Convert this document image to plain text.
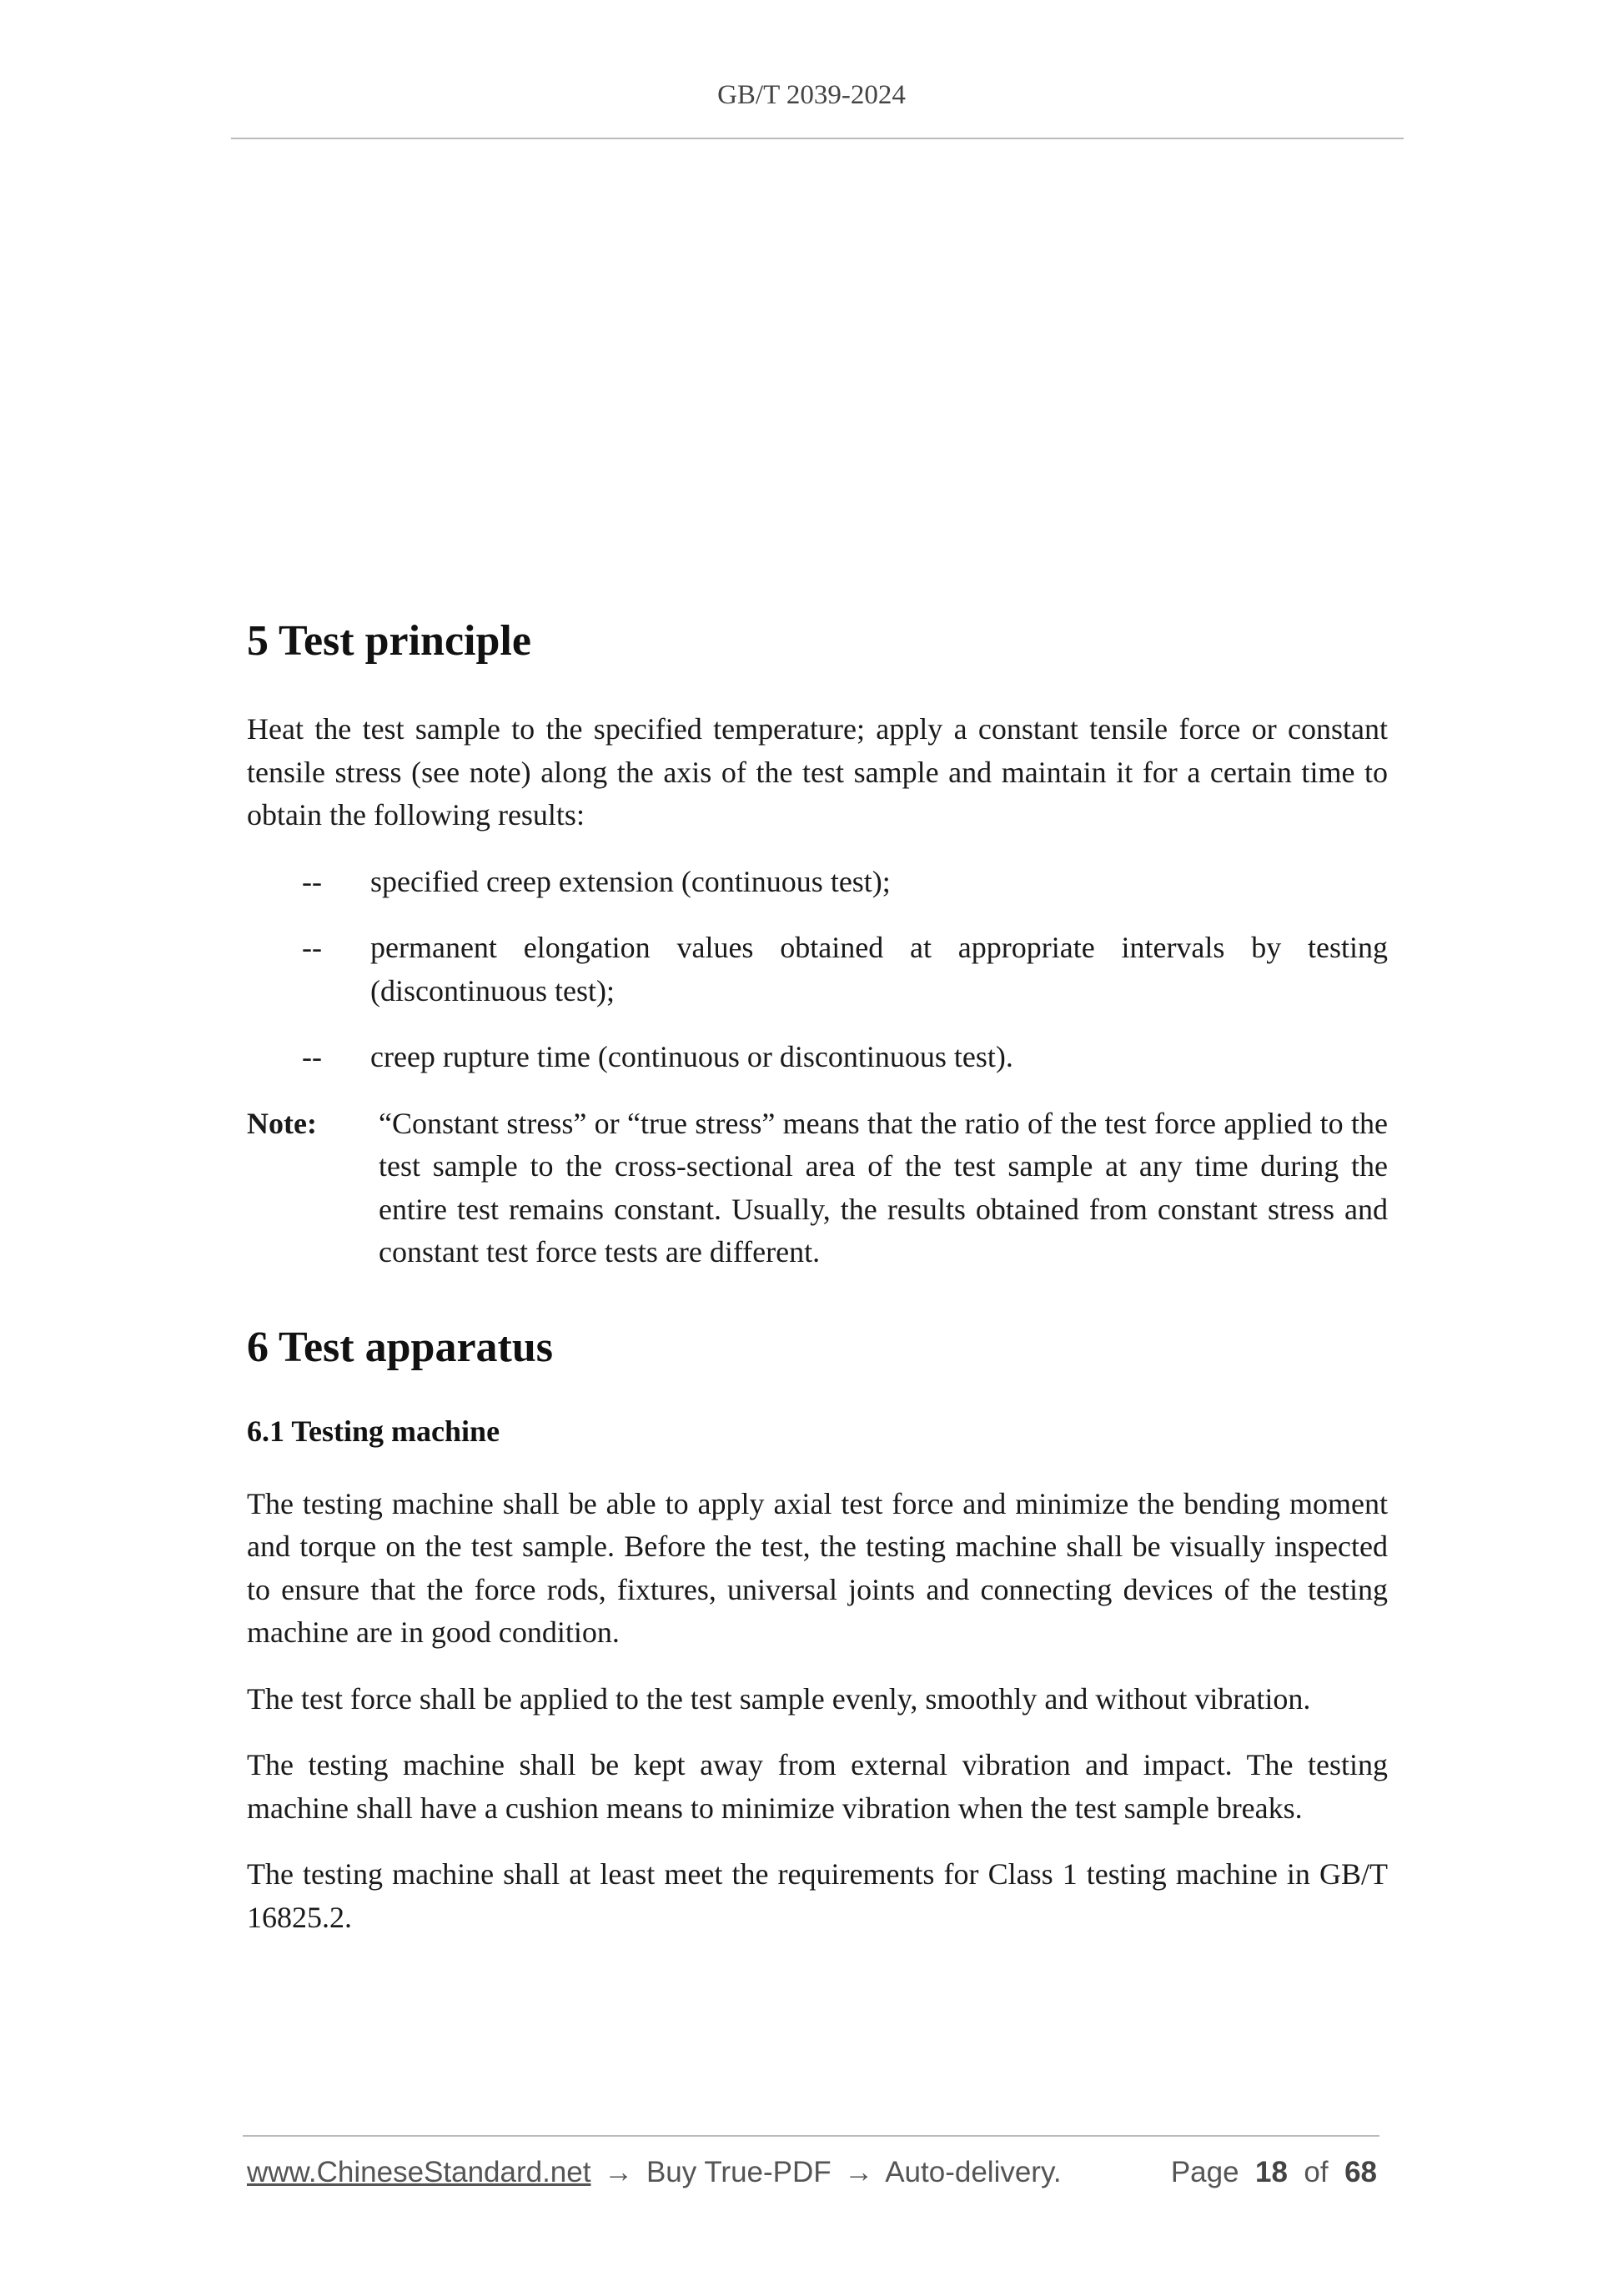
GB/T 2039-2024
5 Test principle

Heat the test sample to the specified temperature; apply a constant tensile force or constant tensile stress (see note) along the axis of the test sample and maintain it for a certain time to obtain the following results:

-- specified creep extension (continuous test);
-- permanent elongation values obtained at appropriate intervals by testing (discontinuous test);
-- creep rupture time (continuous or discontinuous test).
Note: “Constant stress” or “true stress” means that the ratio of the test force applied to the test sample to the cross-sectional area of the test sample at any time during the entire test remains constant. Usually, the results obtained from constant stress and constant test force tests are different.
6 Test apparatus
6.1 Testing machine

The testing machine shall be able to apply axial test force and minimize the bending moment and torque on the test sample. Before the test, the testing machine shall be visually inspected to ensure that the force rods, fixtures, universal joints and connecting devices of the testing machine are in good condition.

The test force shall be applied to the test sample evenly, smoothly and without vibration.

The testing machine shall be kept away from external vibration and impact. The testing machine shall have a cushion means to minimize vibration when the test sample breaks.

The testing machine shall at least meet the requirements for Class 1 testing machine in GB/T 16825.2.

www.ChineseStandard.net → Buy True-PDF → Auto-delivery.	Page 18 of 68
